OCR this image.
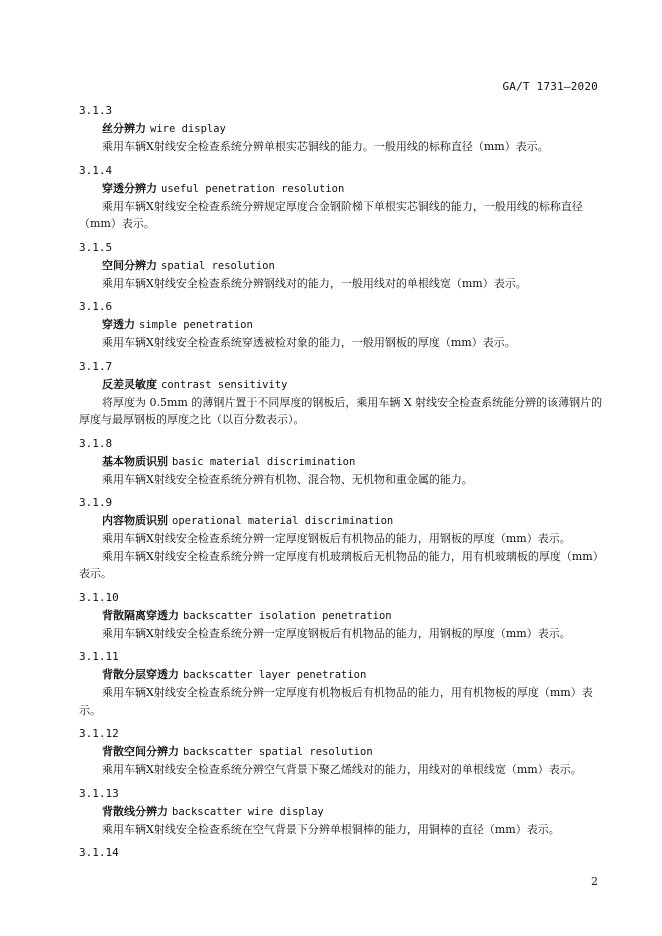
GA/T 1731—2020
3.1.3
丝分辨力 wire display

乘用车辆X射线安全检查系统分辨单根实芯铜线的能力。一般用线的标称直径（mm）表示。

3.1.4
穿透分辨力 useful penetration resolution

乘用车辆X射线安全检查系统分辨规定厚度合金钢阶梯下单根实芯铜线的能力，一般用线的标称直径（mm）表示。

3.1.5
空间分辨力 spatial resolution

乘用车辆X射线安全检查系统分辨钢线对的能力，一般用线对的单根线宽（mm）表示。

3.1.6
穿透力 simple penetration

乘用车辆X射线安全检查系统穿透被检对象的能力，一般用钢板的厚度（mm）表示。

3.1.7
反差灵敏度 contrast sensitivity

将厚度为 0.5mm 的薄钢片置于不同厚度的钢板后，乘用车辆 X 射线安全检查系统能分辨的该薄钢片的厚度与最厚钢板的厚度之比（以百分数表示）。

3.1.8
基本物质识别 basic material discrimination

乘用车辆X射线安全检查系统分辨有机物、混合物、无机物和重金属的能力。

3.1.9
内容物质识别 operational material discrimination

乘用车辆X射线安全检查系统分辨一定厚度钢板后有机物品的能力，用钢板的厚度（mm）表示。

乘用车辆X射线安全检查系统分辨一定厚度有机玻璃板后无机物品的能力，用有机玻璃板的厚度（mm）表示。

3.1.10
背散隔离穿透力 backscatter isolation penetration

乘用车辆X射线安全检查系统分辨一定厚度钢板后有机物品的能力，用钢板的厚度（mm）表示。

3.1.11
背散分层穿透力 backscatter layer penetration

乘用车辆X射线安全检查系统分辨一定厚度有机物板后有机物品的能力，用有机物板的厚度（mm）表示。

3.1.12
背散空间分辨力 backscatter spatial resolution

乘用车辆X射线安全检查系统分辨空气背景下聚乙烯线对的能力，用线对的单根线宽（mm）表示。

3.1.13
背散线分辨力 backscatter wire display

乘用车辆X射线安全检查系统在空气背景下分辨单根铜棒的能力，用铜棒的直径（mm）表示。

3.1.14
2
